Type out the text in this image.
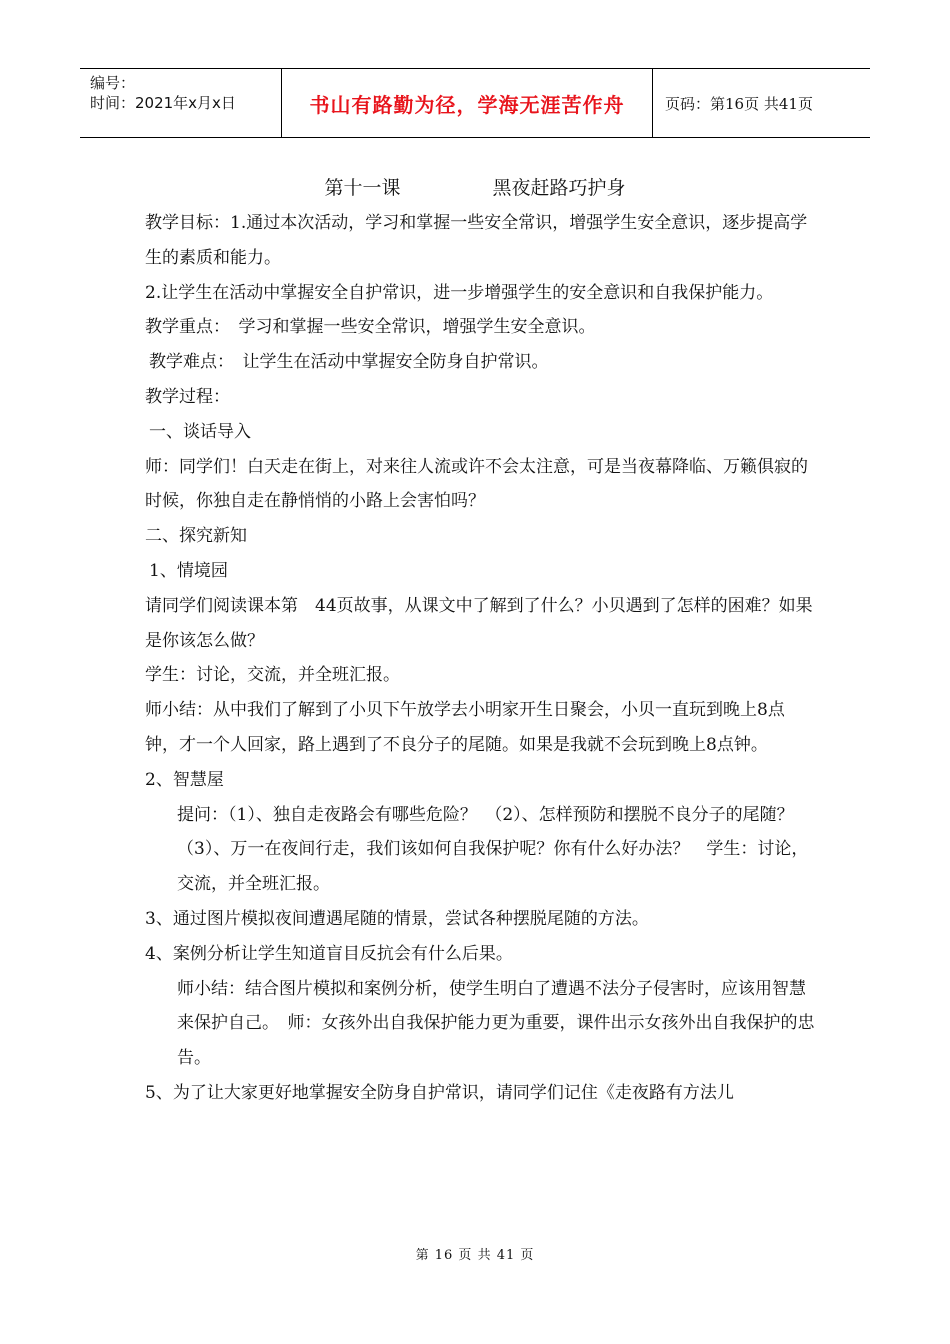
编号：
时间：2021年x月x日	书山有路勤为径，学海无涯苦作舟	页码：第16页 共41页
第十一课	黑夜赶路巧护身

教学目标：1.通过本次活动，学习和掌握一些安全常识，增强学生安全意识，逐步提高学生的素质和能力。

2.让学生在活动中掌握安全自护常识，进一步增强学生的安全意识和自我保护能力。

教学重点：　学习和掌握一些安全常识，增强学生安全意识。

教学难点：　让学生在活动中掌握安全防身自护常识。

教学过程：

一、谈话导入

师：同学们！白天走在街上，对来往人流或许不会太注意，可是当夜幕降临、万籁俱寂的时候，你独自走在静悄悄的小路上会害怕吗？

二、探究新知

1、情境园

请同学们阅读课本第　44页故事，从课文中了解到了什么？小贝遇到了怎样的困难？如果是你该怎么做？

学生：讨论，交流，并全班汇报。

师小结：从中我们了解到了小贝下午放学去小明家开生日聚会，小贝一直玩到晚上8点钟，才一个人回家，路上遇到了不良分子的尾随。如果是我就不会玩到晚上8点钟。

2、智慧屋

提问：（1）、独自走夜路会有哪些危险？　（2）、怎样预防和摆脱不良分子的尾随？　　（3）、万一在夜间行走，我们该如何自我保护呢？你有什么好办法？　学生：讨论，交流，并全班汇报。

3、通过图片模拟夜间遭遇尾随的情景，尝试各种摆脱尾随的方法。

4、案例分析让学生知道盲目反抗会有什么后果。

师小结：结合图片模拟和案例分析，使学生明白了遭遇不法分子侵害时，应该用智慧来保护自己。　师：女孩外出自我保护能力更为重要，课件出示女孩外出自我保护的忠告。

5、为了让大家更好地掌握安全防身自护常识，请同学们记住《走夜路有方法儿

第 16 页 共 41 页
